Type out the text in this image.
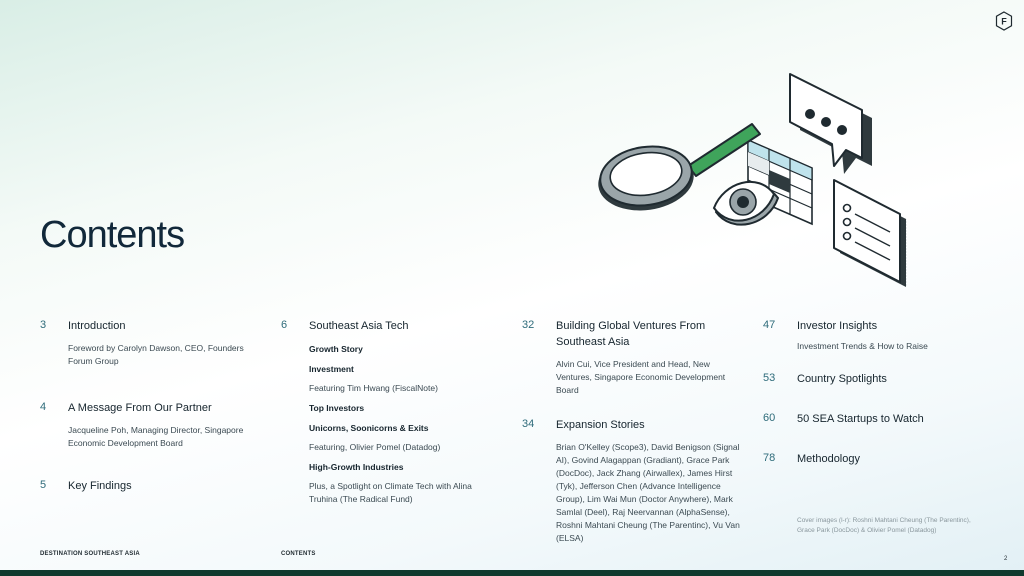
F
Contents
3 Introduction
Foreword by Carolyn Dawson, CEO, Founders Forum Group
4 A Message From Our Partner
Jacqueline Poh, Managing Director, Singapore Economic Development Board
5 Key Findings
6 Southeast Asia Tech
Growth Story
Investment
Featuring Tim Hwang (FiscalNote)
Top Investors
Unicorns, Soonicorns & Exits
Featuring, Olivier Pomel (Datadog)
High-Growth Industries
Plus, a Spotlight on Climate Tech with Alina Truhina (The Radical Fund)
32 Building Global Ventures From Southeast Asia
Alvin Cui, Vice President and Head, New Ventures, Singapore Economic Development Board
34 Expansion Stories
Brian O'Kelley (Scope3), David Benigson (Signal AI), Govind Alagappan (Gradiant), Grace Park (DocDoc), Jack Zhang (Airwallex), James Hirst (Tyk), Jefferson Chen (Advance Intelligence Group), Lim Wai Mun (Doctor Anywhere), Mark Samlal (Deel), Raj Neervannan (AlphaSense), Roshni Mahtani Cheung (The Parentinc), Vu Van (ELSA)
47 Investor Insights
Investment Trends & How to Raise
53 Country Spotlights
60 50 SEA Startups to Watch
78 Methodology
Cover images (l-r): Roshni Mahtani Cheung (The Parentinc), Grace Park (DocDoc) & Olivier Pomel (Datadog)
DESTINATION SOUTHEAST ASIA	CONTENTS
2
